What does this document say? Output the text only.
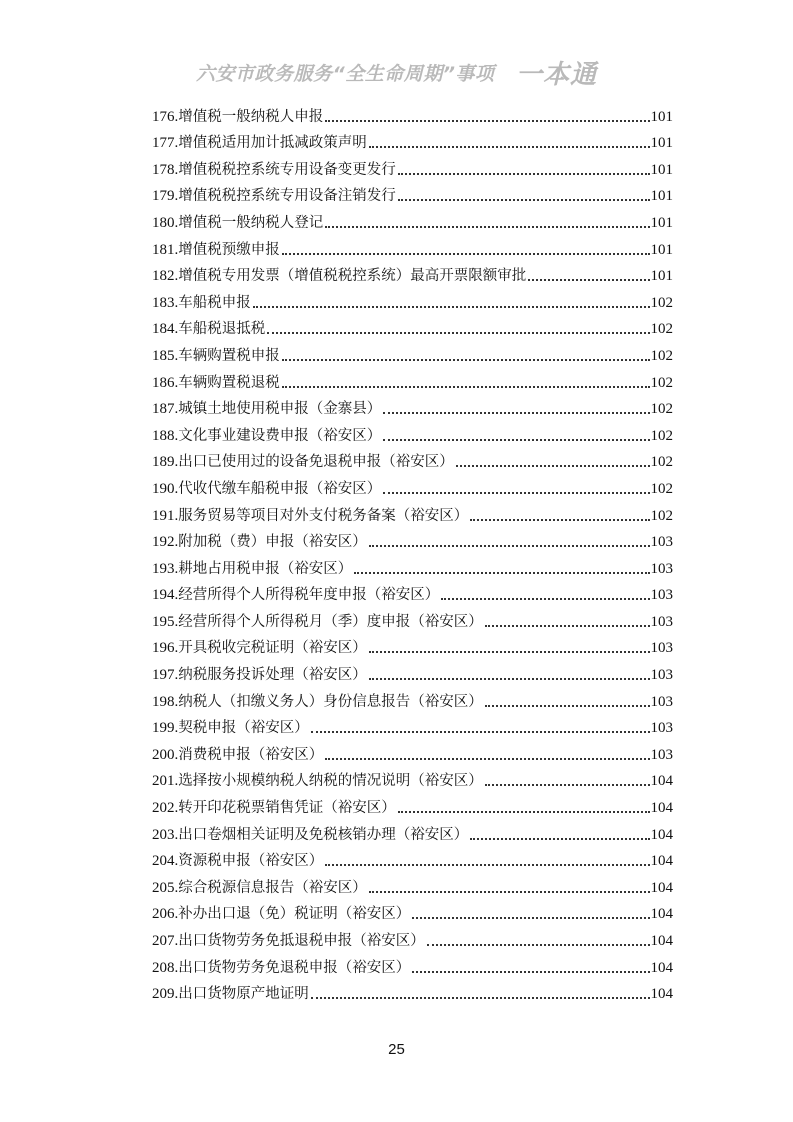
六安市政务服务“全生命周期”事项 一本通
176. 增值税一般纳税人申报	101
177. 增值税适用加计抵减政策声明	101
178. 增值税税控系统专用设备变更发行	101
179. 增值税税控系统专用设备注销发行	101
180. 增值税一般纳税人登记	101
181. 增值税预缴申报	101
182. 增值税专用发票（增值税税控系统）最高开票限额审批	101
183. 车船税申报	102
184. 车船税退抵税	102
185. 车辆购置税申报	102
186. 车辆购置税退税	102
187. 城镇土地使用税申报（金寨县）	102
188. 文化事业建设费申报（裕安区）	102
189. 出口已使用过的设备免退税申报（裕安区）	102
190. 代收代缴车船税申报（裕安区）	102
191. 服务贸易等项目对外支付税务备案（裕安区）	102
192. 附加税（费）申报（裕安区）	103
193. 耕地占用税申报（裕安区）	103
194. 经营所得个人所得税年度申报（裕安区）	103
195. 经营所得个人所得税月（季）度申报（裕安区）	103
196. 开具税收完税证明（裕安区）	103
197. 纳税服务投诉处理（裕安区）	103
198. 纳税人（扣缴义务人）身份信息报告（裕安区）	103
199. 契税申报（裕安区）	103
200. 消费税申报（裕安区）	103
201. 选择按小规模纳税人纳税的情况说明（裕安区）	104
202. 转开印花税票销售凭证（裕安区）	104
203. 出口卷烟相关证明及免税核销办理（裕安区）	104
204. 资源税申报（裕安区）	104
205. 综合税源信息报告（裕安区）	104
206. 补办出口退（免）税证明（裕安区）	104
207. 出口货物劳务免抵退税申报（裕安区）	104
208. 出口货物劳务免退税申报（裕安区）	104
209. 出口货物原产地证明	104
25
